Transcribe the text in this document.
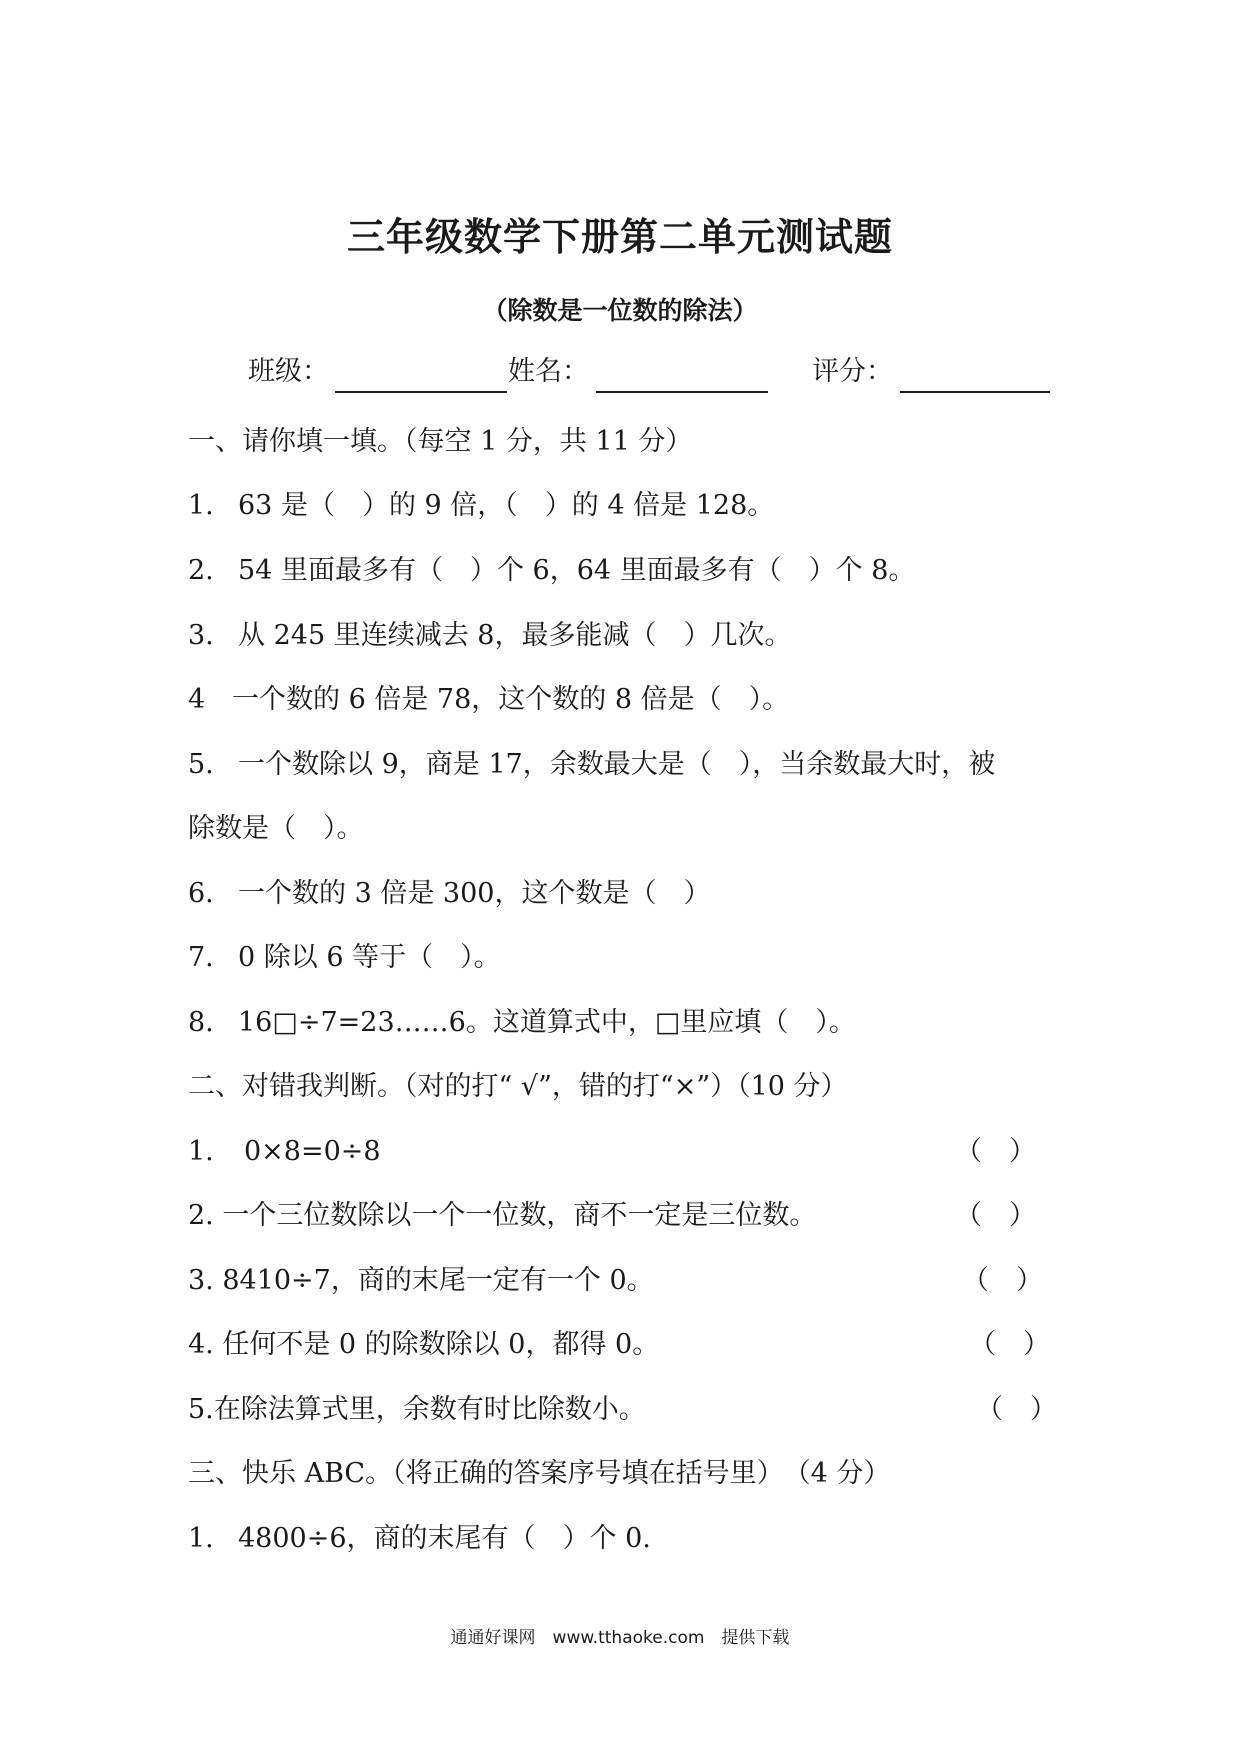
三年级数学下册第二单元测试题
（除数是一位数的除法）
班级：	姓名：	评分：
一、请你填一填。（每空 1 分，共 11 分）
1. 63 是（　）的 9 倍，（　）的 4 倍是 128。
2. 54 里面最多有（　）个 6，64 里面最多有（　）个 8。
3. 从 245 里连续减去 8，最多能减（　）几次。
4 一个数的 6 倍是 78，这个数的 8 倍是（　）。
5. 一个数除以 9，商是 17，余数最大是（　），当余数最大时，被
除数是（　）。
6. 一个数的 3 倍是 300，这个数是（　）
7. 0 除以 6 等于（　）。
8. 16□÷7=23……6。这道算式中，□里应填（　）。
二、对错我判断。（对的打“ √”，错的打“×”）（10 分）
1. 0×8=0÷8	（　）
2. 一个三位数除以一个一位数，商不一定是三位数。	（　）
3. 8410÷7，商的末尾一定有一个 0。	（　）
4. 任何不是 0 的除数除以 0，都得 0。	（　）
5.在除法算式里，余数有时比除数小。	（　）
三、快乐 ABC。（将正确的答案序号填在括号里）　（4 分）
1. 4800÷6，商的末尾有（　）个 0.
通通好课网　www.tthaoke.com　提供下载
